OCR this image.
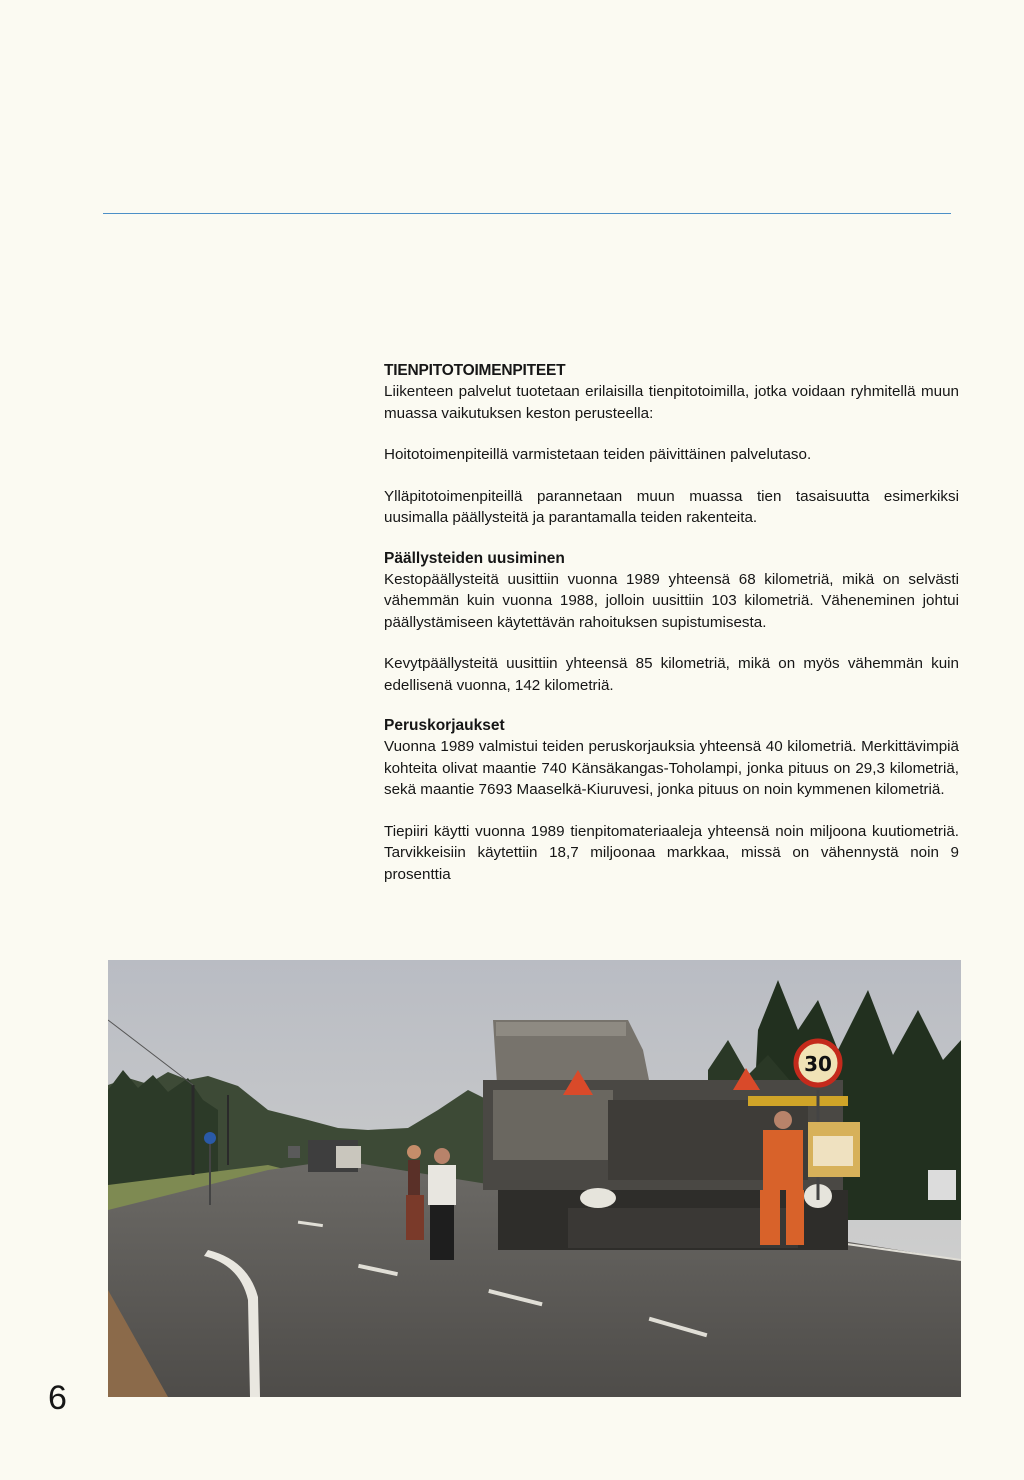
TIENPITOTOIMENPITEET

Liikenteen palvelut tuotetaan erilaisilla tienpitotoimilla, jotka voidaan ryhmitellä muun muassa vaikutuksen keston perusteella:

Hoitotoimenpiteillä varmistetaan teiden päivittäinen palvelutaso.

Ylläpitotoimenpiteillä parannetaan muun muassa tien tasaisuutta esimerkiksi uusimalla päällysteitä ja parantamalla teiden rakenteita.

Päällysteiden uusiminen

Kestopäällysteitä uusittiin vuonna 1989 yhteensä 68 kilometriä, mikä on selvästi vähemmän kuin vuonna 1988, jolloin uusittiin 103 kilometriä. Väheneminen johtui päällystämiseen käytettävän rahoituksen supistumisesta.

Kevytpäällysteitä uusittiin yhteensä 85 kilometriä, mikä on myös vähemmän kuin edellisenä vuonna, 142 kilometriä.

Peruskorjaukset

Vuonna 1989 valmistui teiden peruskorjauksia yhteensä 40 kilometriä. Merkittävimpiä kohteita olivat maantie 740 Känsäkangas-Toholampi, jonka pituus on 29,3 kilometriä, sekä maantie 7693 Maaselkä-Kiuruvesi, jonka pituus on noin kymmenen kilometriä.

Tiepiiri käytti vuonna 1989 tienpitomateriaaleja yhteensä noin miljoona kuutiometriä. Tarvikkeisiin käytettiin 18,7 miljoonaa markkaa, missä on vähennystä noin 9 prosenttia

30
6
